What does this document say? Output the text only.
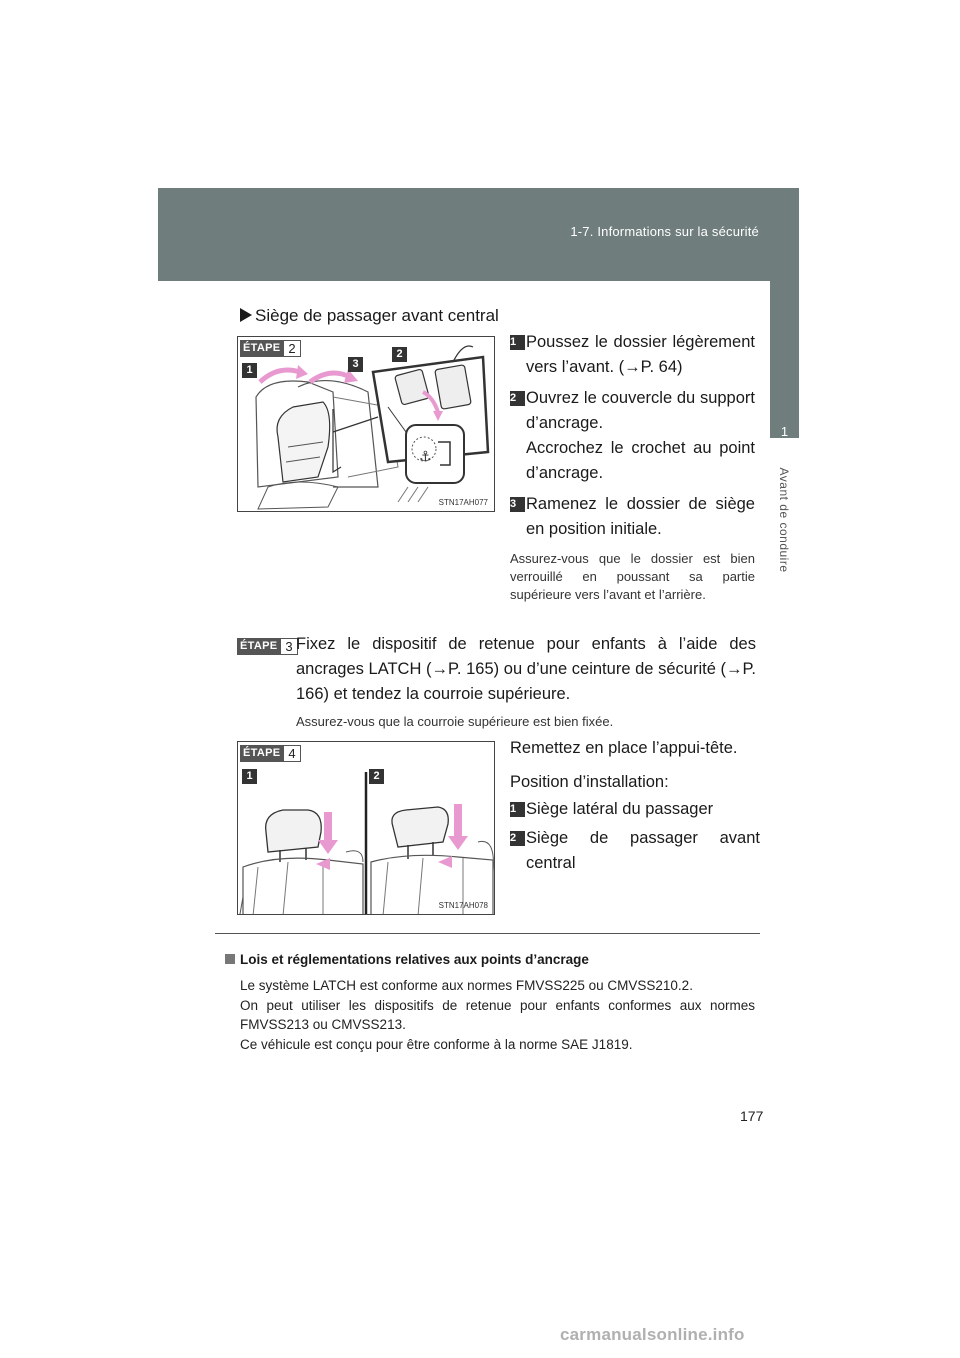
1-7. Informations sur la sécurité
1
Avant de conduire
Siège de passager avant central
⚓
ÉTAPE 2
1	3
2
STN17AH077
1 Poussez le dossier légèrement vers l’avant. (→P. 64)
2 Ouvrez le couvercle du support d’ancrage.
Accrochez le crochet au point d’ancrage.
3 Ramenez le dossier de siège en position initiale.

Assurez-vous que le dossier est bien verrouillé en poussant sa partie supérieure vers l’avant et l’arrière.

ÉTAPE 3 Fixez le dispositif de retenue pour enfants à l’aide des ancrages LATCH (→P. 165) ou d’une ceinture de sécurité (→P. 166) et tendez la courroie supérieure.

Assurez-vous que la courroie supérieure est bien fixée.

ÉTAPE 4
1	2
STN17AH078

Remettez en place l’appui-tête.

Position d’installation:

1 Siège latéral du passager
2 Siège de passager avant central
Lois et réglementations relatives aux points d’ancrage

Le système LATCH est conforme aux normes FMVSS225 ou CMVSS210.2.

On peut utiliser les dispositifs de retenue pour enfants conformes aux normes FMVSS213 ou CMVSS213.

Ce véhicule est conçu pour être conforme à la norme SAE J1819.

177
carmanualsonline.info
